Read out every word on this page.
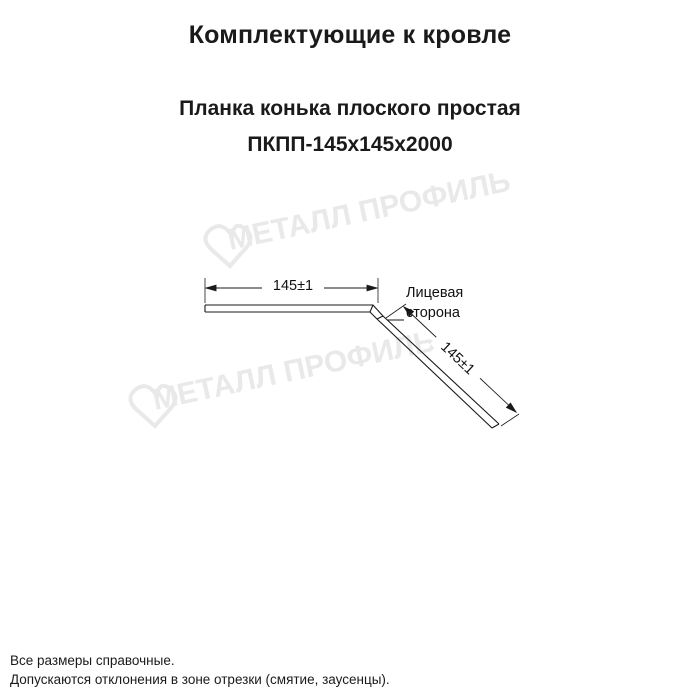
Комплектующие к кровле
Планка конька плоского простая
ПКПП-145x145x2000
МЕТАЛЛ ПРОФИЛЬ
МЕТАЛЛ ПРОФИЛЬ
145±1
145±1
Лицевая
сторона
Все размеры справочные.
Допускаются отклонения в зоне отрезки (смятие, заусенцы).
